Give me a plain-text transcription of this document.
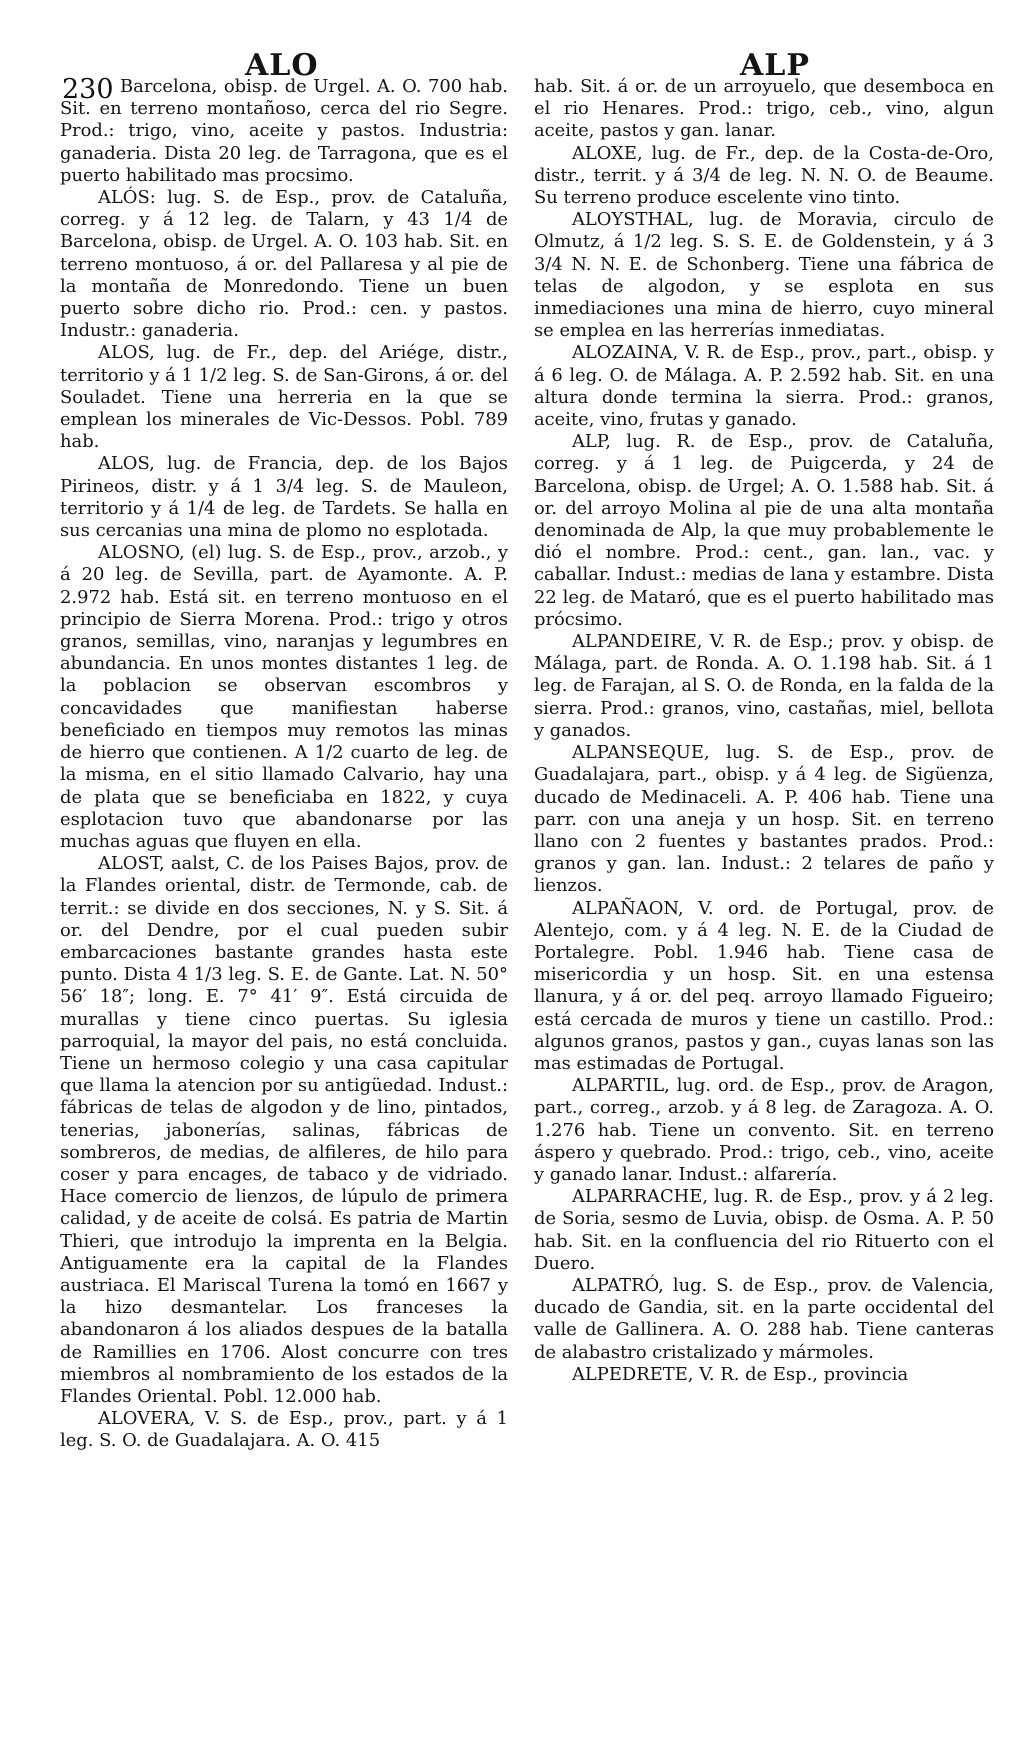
230
ALO	ALP

Barcelona, obisp. de Urgel. A. O. 700 hab. Sit. en terreno montañoso, cerca del rio Segre. Prod.: trigo, vino, aceite y pastos. Industria: ganaderia. Dista 20 leg. de Tarragona, que es el puerto habilitado mas procsimo.

ALÓS: lug. S. de Esp., prov. de Cataluña, correg. y á 12 leg. de Talarn, y 43 1/4 de Barcelona, obisp. de Urgel. A. O. 103 hab. Sit. en terreno montuoso, á or. del Pallaresa y al pie de la montaña de Monredondo. Tiene un buen puerto sobre dicho rio. Prod.: cen. y pastos. Industr.: ganaderia.

ALOS, lug. de Fr., dep. del Ariége, distr., territorio y á 1 1/2 leg. S. de San-Girons, á or. del Souladet. Tiene una herreria en la que se emplean los minerales de Vic-Dessos. Pobl. 789 hab.

ALOS, lug. de Francia, dep. de los Bajos Pirineos, distr. y á 1 3/4 leg. S. de Mauleon, territorio y á 1/4 de leg. de Tardets. Se halla en sus cercanias una mina de plomo no esplotada.

ALOSNO, (el) lug. S. de Esp., prov., arzob., y á 20 leg. de Sevilla, part. de Ayamonte. A. P. 2.972 hab. Está sit. en terreno montuoso en el principio de Sierra Morena. Prod.: trigo y otros granos, semillas, vino, naranjas y legumbres en abundancia. En unos montes distantes 1 leg. de la poblacion se observan escombros y concavidades que manifiestan haberse beneficiado en tiempos muy remotos las minas de hierro que contienen. A 1/2 cuarto de leg. de la misma, en el sitio llamado Calvario, hay una de plata que se beneficiaba en 1822, y cuya esplotacion tuvo que abandonarse por las muchas aguas que fluyen en ella.

ALOST, aalst, C. de los Paises Bajos, prov. de la Flandes oriental, distr. de Termonde, cab. de territ.: se divide en dos secciones, N. y S. Sit. á or. del Dendre, por el cual pueden subir embarcaciones bastante grandes hasta este punto. Dista 4 1/3 leg. S. E. de Gante. Lat. N. 50° 56′ 18″; long. E. 7° 41′ 9″. Está circuida de murallas y tiene cinco puertas. Su iglesia parroquial, la mayor del pais, no está concluida. Tiene un hermoso colegio y una casa capitular que llama la atencion por su antigüedad. Indust.: fábricas de telas de algodon y de lino, pintados, tenerias, jabonerías, salinas, fábricas de sombreros, de medias, de alfileres, de hilo para coser y para encages, de tabaco y de vidriado. Hace comercio de lienzos, de lúpulo de primera calidad, y de aceite de colsá. Es patria de Martin Thieri, que introdujo la imprenta en la Belgia. Antiguamente era la capital de la Flandes austriaca. El Mariscal Turena la tomó en 1667 y la hizo desmantelar. Los franceses la abandonaron á los aliados despues de la batalla de Ramillies en 1706. Alost concurre con tres miembros al nombramiento de los estados de la Flandes Oriental. Pobl. 12.000 hab.

ALOVERA, V. S. de Esp., prov., part. y á 1 leg. S. O. de Guadalajara. A. O. 415

hab. Sit. á or. de un arroyuelo, que desemboca en el rio Henares. Prod.: trigo, ceb., vino, algun aceite, pastos y gan. lanar.

ALOXE, lug. de Fr., dep. de la Costa-de-Oro, distr., territ. y á 3/4 de leg. N. N. O. de Beaume. Su terreno produce escelente vino tinto.

ALOYSTHAL, lug. de Moravia, circulo de Olmutz, á 1/2 leg. S. S. E. de Goldenstein, y á 3 3/4 N. N. E. de Schonberg. Tiene una fábrica de telas de algodon, y se esplota en sus inmediaciones una mina de hierro, cuyo mineral se emplea en las herrerías inmediatas.

ALOZAINA, V. R. de Esp., prov., part., obisp. y á 6 leg. O. de Málaga. A. P. 2.592 hab. Sit. en una altura donde termina la sierra. Prod.: granos, aceite, vino, frutas y ganado.

ALP, lug. R. de Esp., prov. de Cataluña, correg. y á 1 leg. de Puigcerda, y 24 de Barcelona, obisp. de Urgel; A. O. 1.588 hab. Sit. á or. del arroyo Molina al pie de una alta montaña denominada de Alp, la que muy probablemente le dió el nombre. Prod.: cent., gan. lan., vac. y caballar. Indust.: medias de lana y estambre. Dista 22 leg. de Mataró, que es el puerto habilitado mas prócsimo.

ALPANDEIRE, V. R. de Esp.; prov. y obisp. de Málaga, part. de Ronda. A. O. 1.198 hab. Sit. á 1 leg. de Farajan, al S. O. de Ronda, en la falda de la sierra. Prod.: granos, vino, castañas, miel, bellota y ganados.

ALPANSEQUE, lug. S. de Esp., prov. de Guadalajara, part., obisp. y á 4 leg. de Sigüenza, ducado de Medinaceli. A. P. 406 hab. Tiene una parr. con una aneja y un hosp. Sit. en terreno llano con 2 fuentes y bastantes prados. Prod.: granos y gan. lan. Indust.: 2 telares de paño y lienzos.

ALPAÑAON, V. ord. de Portugal, prov. de Alentejo, com. y á 4 leg. N. E. de la Ciudad de Portalegre. Pobl. 1.946 hab. Tiene casa de misericordia y un hosp. Sit. en una estensa llanura, y á or. del peq. arroyo llamado Figueiro; está cercada de muros y tiene un castillo. Prod.: algunos granos, pastos y gan., cuyas lanas son las mas estimadas de Portugal.

ALPARTIL, lug. ord. de Esp., prov. de Aragon, part., correg., arzob. y á 8 leg. de Zaragoza. A. O. 1.276 hab. Tiene un convento. Sit. en terreno áspero y quebrado. Prod.: trigo, ceb., vino, aceite y ganado lanar. Indust.: alfarería.

ALPARRACHE, lug. R. de Esp., prov. y á 2 leg. de Soria, sesmo de Luvia, obisp. de Osma. A. P. 50 hab. Sit. en la confluencia del rio Rituerto con el Duero.

ALPATRÓ, lug. S. de Esp., prov. de Valencia, ducado de Gandia, sit. en la parte occidental del valle de Gallinera. A. O. 288 hab. Tiene canteras de alabastro cristalizado y mármoles.

ALPEDRETE, V. R. de Esp., provincia
